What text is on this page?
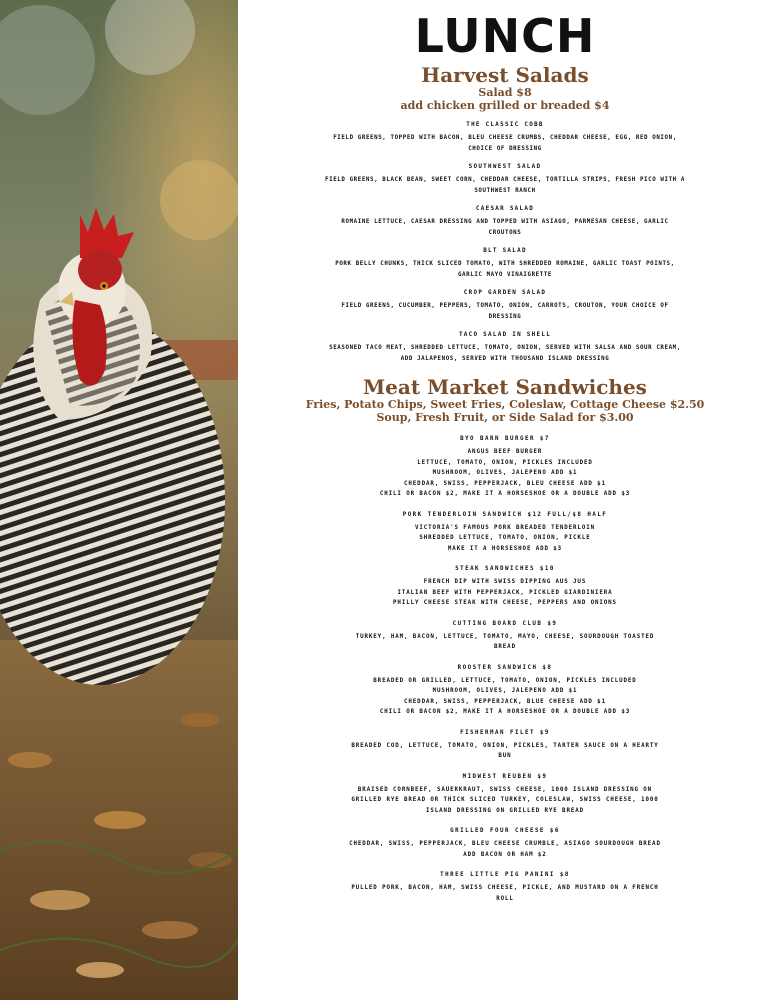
LUNCH
Harvest Salads
Salad $8
add chicken grilled or breaded $4
THE CLASSIC COBB
FIELD GREENS, TOPPED WITH BACON, BLEU CHEESE CRUMBS, CHEDDAR CHEESE, EGG, RED ONION,
CHOICE OF DRESSING
SOUTHWEST SALAD
FIELD GREENS, BLACK BEAN, SWEET CORN, CHEDDAR CHEESE, TORTILLA STRIPS, FRESH PICO WITH A
SOUTHWEST RANCH
CAESAR SALAD
ROMAINE LETTUCE, CAESAR DRESSING AND TOPPED WITH ASIAGO, PARMESAN CHEESE, GARLIC
CROUTONS
BLT SALAD
PORK BELLY CHUNKS, THICK SLICED TOMATO, WITH SHREDDED ROMAINE, GARLIC TOAST POINTS,
GARLIC MAYO VINAIGRETTE
CROP GARDEN SALAD
FIELD GREENS, CUCUMBER, PEPPERS, TOMATO, ONION, CARROTS, CROUTON, YOUR CHOICE OF
DRESSING
TACO SALAD IN SHELL
SEASONED TACO MEAT, SHREDDED LETTUCE, TOMATO, ONION, SERVED WITH SALSA AND SOUR CREAM,
ADD JALAPENOS, SERVED WITH THOUSAND ISLAND DRESSING
Meat Market Sandwiches
Fries, Potato Chips, Sweet Fries, Coleslaw, Cottage Cheese $2.50
Soup, Fresh Fruit, or Side Salad for $3.00
BYO BARN BURGER $7
ANGUS BEEF BURGER
LETTUCE, TOMATO, ONION, PICKLES INCLUDED
MUSHROOM, OLIVES, JALEPENO ADD $1
CHEDDAR, SWISS, PEPPERJACK, BLEU CHEESE ADD $1
CHILI OR BACON $2, MAKE IT A HORSESHOE OR A DOUBLE ADD $3
PORK TENDERLOIN SANDWICH $12 FULL/$8 HALF
VICTORIA'S FAMOUS PORK BREADED TENDERLOIN
SHREDDED LETTUCE, TOMATO, ONION, PICKLE
MAKE IT A HORSESHOE ADD $3
STEAK SANDWICHES $10
FRENCH DIP WITH SWISS DIPPING AUS JUS
ITALIAN BEEF WITH PEPPERJACK, PICKLED GIARDINIERA
PHILLY CHEESE STEAK WITH CHEESE, PEPPERS AND ONIONS
CUTTING BOARD CLUB $9
TURKEY, HAM, BACON, LETTUCE, TOMATO, MAYO, CHEESE, SOURDOUGH TOASTED
BREAD
ROOSTER SANDWICH $8
BREADED OR GRILLED, LETTUCE, TOMATO, ONION, PICKLES INCLUDED
MUSHROOM, OLIVES, JALEPENO ADD $1
CHEDDAR, SWISS, PEPPERJACK, BLUE CHEESE ADD $1
CHILI OR BACON $2, MAKE IT A HORSESHOE OR A DOUBLE ADD $3
FISHERMAN FILET $9
BREADED COD, LETTUCE, TOMATO, ONION, PICKLES, TARTER SAUCE ON A HEARTY
BUN
MIDWEST REUBEN $9
BRAISED CORNBEEF, SAUERKRAUT, SWISS CHEESE, 1000 ISLAND DRESSING ON
GRILLED RYE BREAD OR THICK SLICED TURKEY, COLESLAW, SWISS CHEESE, 1000
ISLAND DRESSING ON GRILLED RYE BREAD
GRILLED FOUR CHEESE $6
CHEDDAR, SWISS, PEPPERJACK, BLEU CHEESE CRUMBLE, ASIAGO SOURDOUGH BREAD
ADD BACON OR HAM $2
THREE LITTLE PIG PANINI $8
PULLED PORK, BACON, HAM, SWISS CHEESE, PICKLE, AND MUSTARD ON A FRENCH
ROLL
